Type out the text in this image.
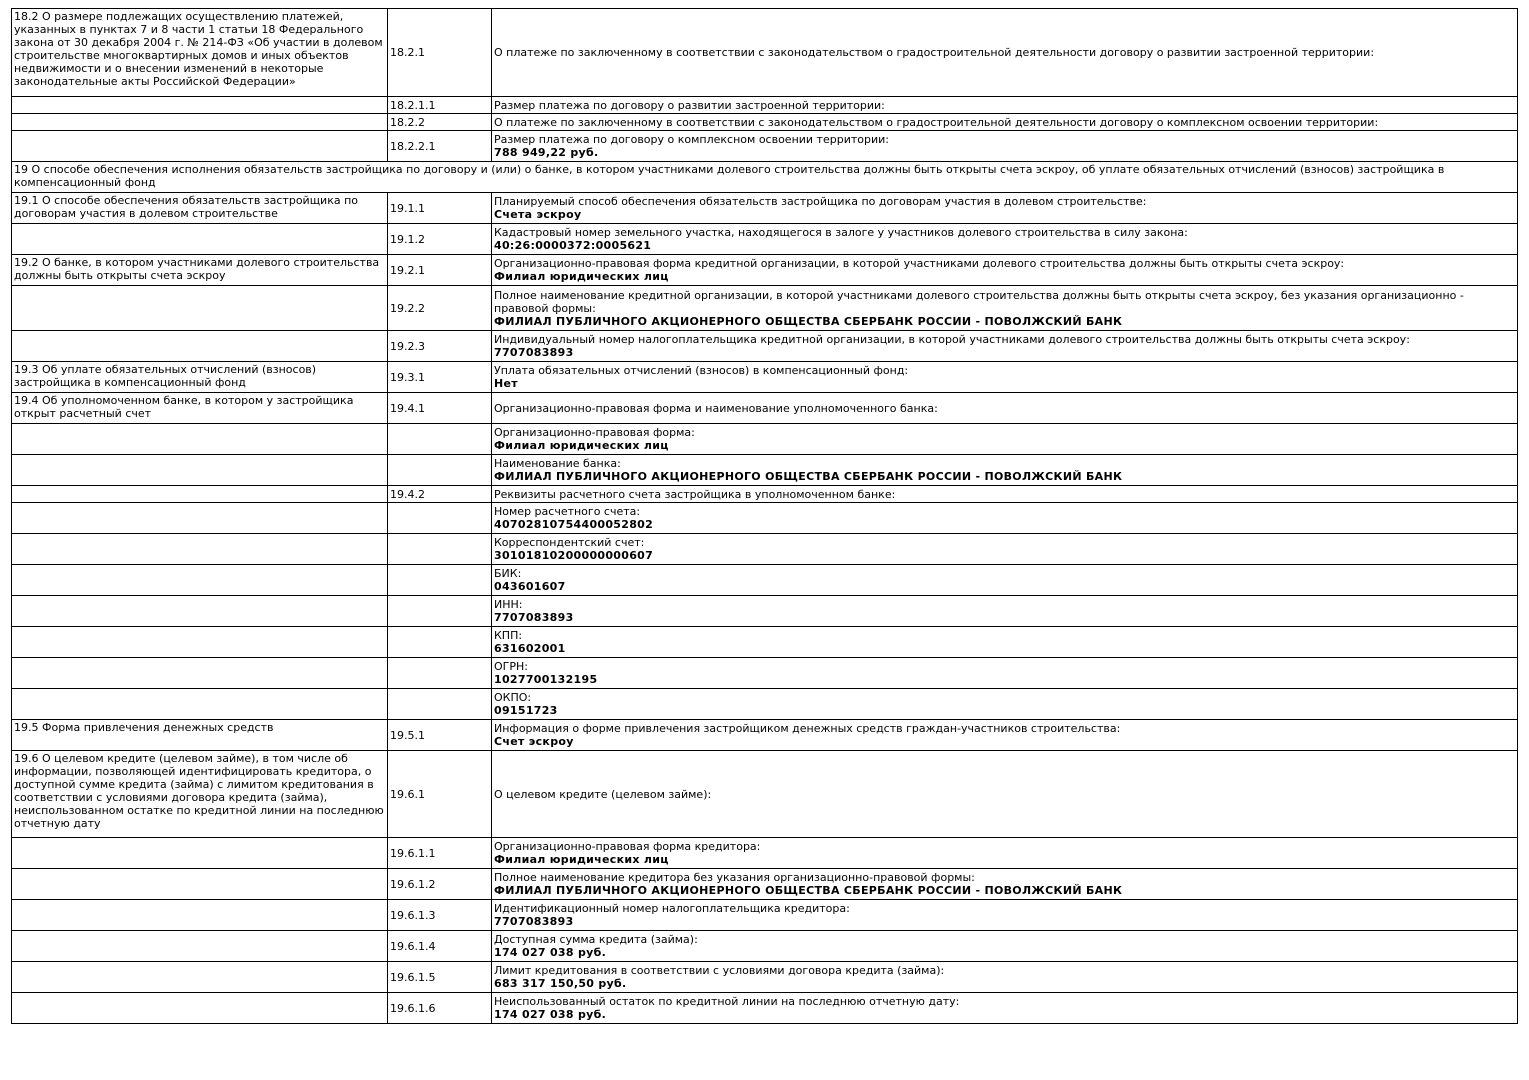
18.2 О размере подлежащих осуществлению платежей, указанных в пунктах 7 и 8 части 1 статьи 18 Федерального закона от 30 декабря 2004 г. № 214-ФЗ «Об участии в долевом строительстве многоквартирных домов и иных объектов недвижимости и о внесении изменений в некоторые законодательные акты Российской Федерации»	18.2.1	О платеже по заключенному в соответствии с законодательством о градостроительной деятельности договору о развитии застроенной территории:

	18.2.1.1	Размер платежа по договору о развитии застроенной территории:

	18.2.2	О платеже по заключенному в соответствии с законодательством о градостроительной деятельности договору о комплексном освоении территории:

	18.2.2.1	Размер платежа по договору о комплексном освоении территории:
788 949,22 руб.

19 О способе обеспечения исполнения обязательств застройщика по договору и (или) о банке, в котором участниками долевого строительства должны быть открыты счета эскроу, об уплате обязательных отчислений (взносов) застройщика в компенсационный фонд		
19.1 О способе обеспечения обязательств застройщика по договорам участия в долевом строительстве	19.1.1	Планируемый способ обеспечения обязательств застройщика по договорам участия в долевом строительстве:
Счета эскроу

	19.1.2	Кадастровый номер земельного участка, находящегося в залоге у участников долевого строительства в силу закона:
40:26:0000372:0005621

19.2 О банке, в котором участниками долевого строительства должны быть открыты счета эскроу	19.2.1	Организационно-правовая форма кредитной организации, в которой участниками долевого строительства должны быть открыты счета эскроу:
Филиал юридических лиц

	19.2.2	Полное наименование кредитной организации, в которой участниками долевого строительства должны быть открыты счета эскроу, без указания организационно - правовой формы:
ФИЛИАЛ ПУБЛИЧНОГО АКЦИОНЕРНОГО ОБЩЕСТВА СБЕРБАНК РОССИИ - ПОВОЛЖСКИЙ БАНК

	19.2.3	Индивидуальный номер налогоплательщика кредитной организации, в которой участниками долевого строительства должны быть открыты счета эскроу:
7707083893

19.3 Об уплате обязательных отчислений (взносов) застройщика в компенсационный фонд	19.3.1	Уплата обязательных отчислений (взносов) в компенсационный фонд:
Нет

19.4 Об уполномоченном банке, в котором у застройщика открыт расчетный счет	19.4.1	Организационно-правовая форма и наименование уполномоченного банка:

		Организационно-правовая форма:
Филиал юридических лиц

		Наименование банка:
ФИЛИАЛ ПУБЛИЧНОГО АКЦИОНЕРНОГО ОБЩЕСТВА СБЕРБАНК РОССИИ - ПОВОЛЖСКИЙ БАНК

	19.4.2	Реквизиты расчетного счета застройщика в уполномоченном банке:

		Номер расчетного счета:
40702810754400052802

		Корреспондентский счет:
30101810200000000607

		БИК:
043601607

		ИНН:
7707083893

		КПП:
631602001

		ОГРН:
1027700132195

		ОКПО:
09151723

19.5 Форма привлечения денежных средств	19.5.1	Информация о форме привлечения застройщиком денежных средств граждан-участников строительства:
Счет эскроу

19.6 О целевом кредите (целевом займе), в том числе об информации, позволяющей идентифицировать кредитора, о доступной сумме кредита (займа) с лимитом кредитования в соответствии с условиями договора кредита (займа), неиспользованном остатке по кредитной линии на последнюю отчетную дату	19.6.1	О целевом кредите (целевом займе):

	19.6.1.1	Организационно-правовая форма кредитора:
Филиал юридических лиц

	19.6.1.2	Полное наименование кредитора без указания организационно-правовой формы:
ФИЛИАЛ ПУБЛИЧНОГО АКЦИОНЕРНОГО ОБЩЕСТВА СБЕРБАНК РОССИИ - ПОВОЛЖСКИЙ БАНК

	19.6.1.3	Идентификационный номер налогоплательщика кредитора:
7707083893

	19.6.1.4	Доступная сумма кредита (займа):
174 027 038 руб.

	19.6.1.5	Лимит кредитования в соответствии с условиями договора кредита (займа):
683 317 150,50 руб.

	19.6.1.6	Неиспользованный остаток по кредитной линии на последнюю отчетную дату:
174 027 038 руб.
